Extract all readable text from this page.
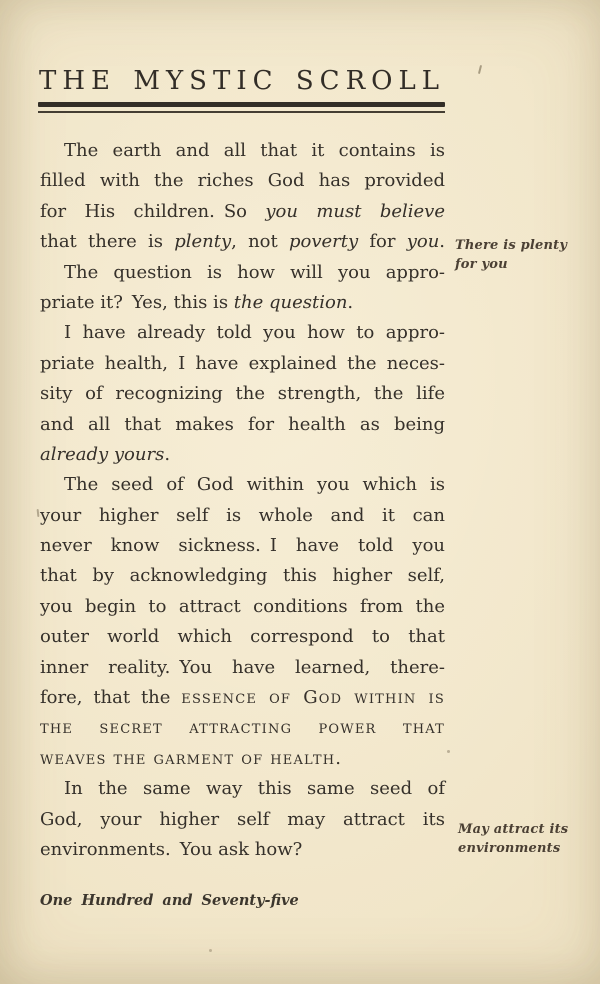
THE MYSTIC SCROLL
The earth and all that it contains is
filled with the riches God has provided
for His children. So you must believe
that there is plenty, not poverty for you.
The question is how will you appro-
priate it? Yes, this is the question.
I have already told you how to appro-
priate health, I have explained the neces-
sity of recognizing the strength, the life
and all that makes for health as being
already yours.
The seed of God within you which is
your higher self is whole and it can
never know sickness. I have told you
that by acknowledging this higher self,
you begin to attract conditions from the
outer world which correspond to that
inner reality. You have learned, there-
fore, that the essence of God within is
the secret attracting power that
weaves the garment of health.
In the same way this same seed of
God, your higher self may attract its
environments. You ask how?
There is plenty
for you
May attract its
environments
One Hundred and Seventy-five
